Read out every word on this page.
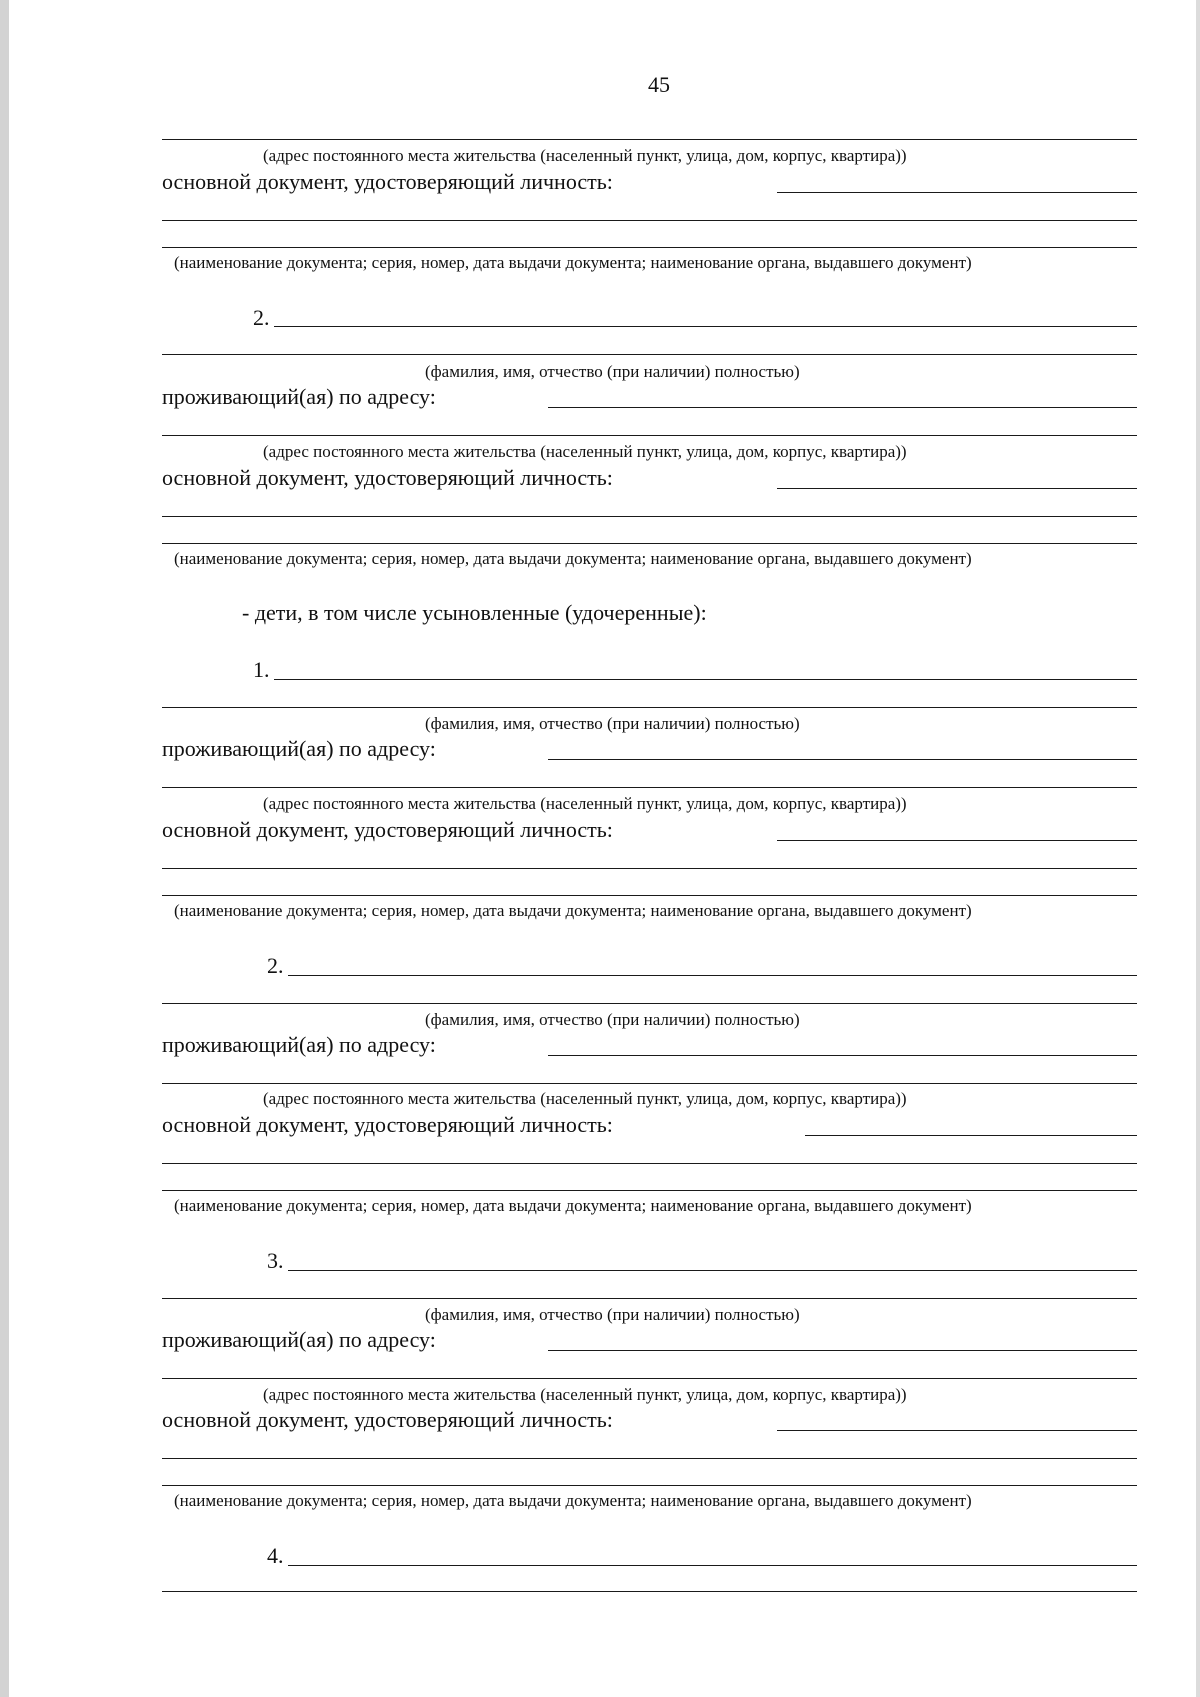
45
(адрес постоянного места жительства (населенный пункт, улица, дом, корпус, квартира))
основной документ, удостоверяющий личность:
(наименование документа; серия, номер, дата выдачи документа; наименование органа, выдавшего документ)
2.
(фамилия, имя, отчество (при наличии) полностью)
проживающий(ая) по адресу:
(адрес постоянного места жительства (населенный пункт, улица, дом, корпус, квартира))
основной документ, удостоверяющий личность:
(наименование документа; серия, номер, дата выдачи документа; наименование органа, выдавшего документ)
- дети, в том числе усыновленные (удочеренные):
1.
(фамилия, имя, отчество (при наличии) полностью)
проживающий(ая) по адресу:
(адрес постоянного места жительства (населенный пункт, улица, дом, корпус, квартира))
основной документ, удостоверяющий личность:
(наименование документа; серия, номер, дата выдачи документа; наименование органа, выдавшего документ)
2.
(фамилия, имя, отчество (при наличии) полностью)
проживающий(ая) по адресу:
(адрес постоянного места жительства (населенный пункт, улица, дом, корпус, квартира))
основной документ, удостоверяющий личность:
(наименование документа; серия, номер, дата выдачи документа; наименование органа, выдавшего документ)
3.
(фамилия, имя, отчество (при наличии) полностью)
проживающий(ая) по адресу:
(адрес постоянного места жительства (населенный пункт, улица, дом, корпус, квартира))
основной документ, удостоверяющий личность:
(наименование документа; серия, номер, дата выдачи документа; наименование органа, выдавшего документ)
4.
